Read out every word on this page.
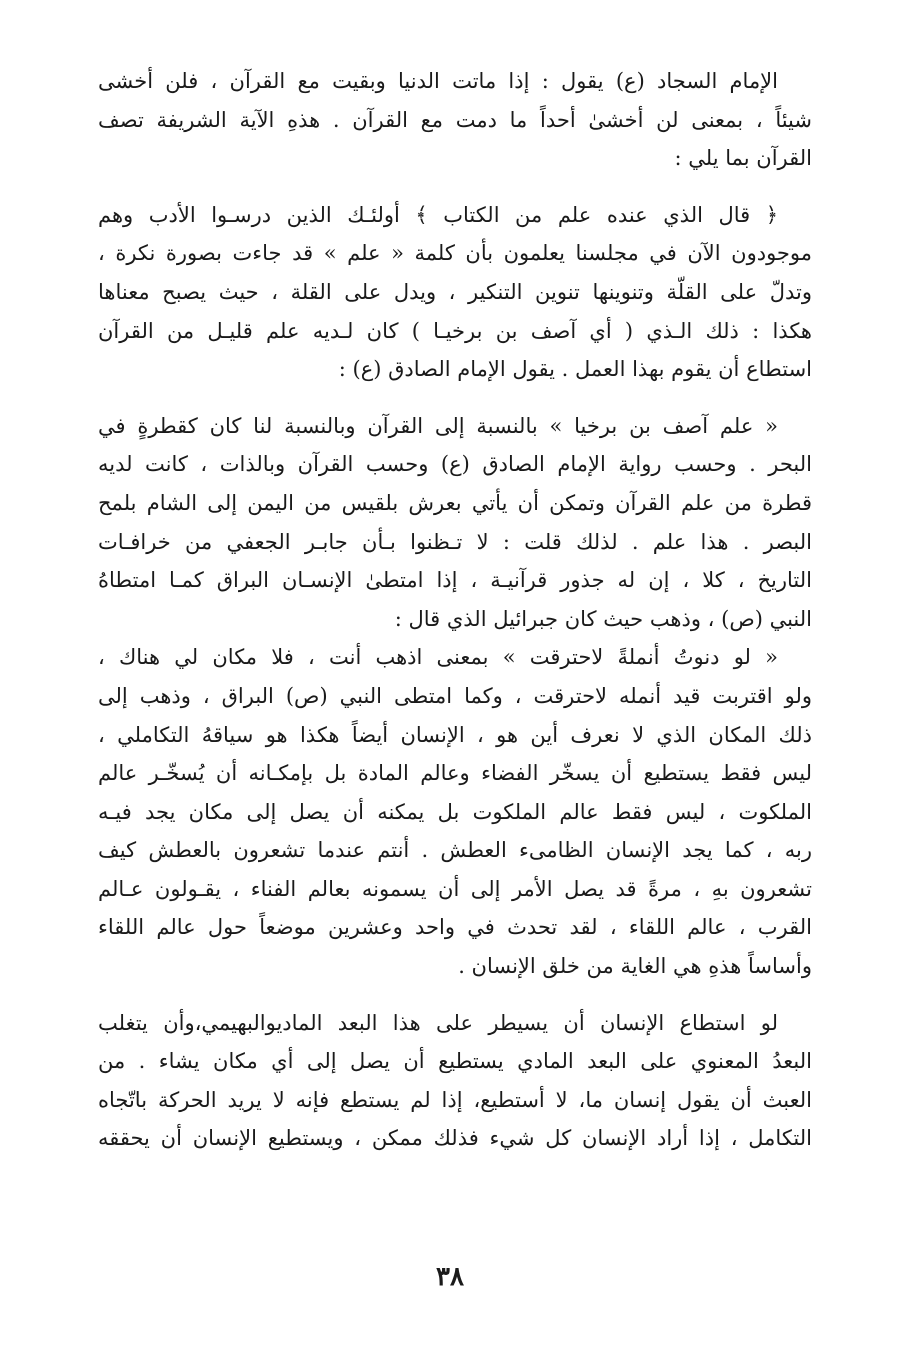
الإمام السجاد (ع) يقول : إذا ماتت الدنيا وبقيت مع القرآن ، فلن أخشى
شيئاً ، بمعنى لن أخشىٰ أحداً ما دمت مع القرآن . هذهِ الآية الشريفة تصف
القرآن بما يلي :
﴿ قال الذي عنده علم من الكتاب ﴾ أولئـك الذين درسـوا الأدب وهم
موجودون الآن في مجلسنا يعلمون بأن كلمة « علم » قد جاءت بصورة نكرة ،
وتدلّ على القلّة وتنوينها تنوين التنكير ، ويدل على القلة ، حيث يصبح معناها
هكذا : ذلك الـذي ( أي آصف بن برخيـا ) كان لـديه علم قليـل من القرآن
استطاع أن يقوم بهذا العمل . يقول الإمام الصادق (ع) :
« علم آصف بن برخيا » بالنسبة إلى القرآن وبالنسبة لنا كان كقطرةٍ في
البحر . وحسب رواية الإمام الصادق (ع) وحسب القرآن وبالذات ، كانت لديه
قطرة من علم القرآن وتمكن أن يأتي بعرش بلقيس من اليمن إلى الشام بلمح
البصر . هذا علم . لذلك قلت : لا تـظنوا بـأن جابـر الجعفي من خرافـات
التاريخ ، كلا ، إن له جذور قرآنيـة ، إذا امتطىٰ الإنسـان البراق كمـا امتطاهُ
النبي (ص) ، وذهب حيث كان جبرائيل الذي قال :
« لو دنوتُ أنملةً لاحترقت » بمعنى اذهب أنت ، فلا مكان لي هناك ،
ولو اقتربت قيد أنمله لاحترقت ، وكما امتطى النبي (ص) البراق ، وذهب إلى
ذلك المكان الذي لا نعرف أين هو ، الإنسان أيضاً هكذا هو سياقهُ التكاملي ،
ليس فقط يستطيع أن يسخّر الفضاء وعالم المادة بل بإمكـانه أن يُسخّـر عالم
الملكوت ، ليس فقط عالم الملكوت بل يمكنه أن يصل إلى مكان يجد فيـه
ربه ، كما يجد الإنسان الظامىء العطش . أنتم عندما تشعرون بالعطش كيف
تشعرون بهِ ، مرةً قد يصل الأمر إلى أن يسمونه بعالم الفناء ، يقـولون عـالم
القرب ، عالم اللقاء ، لقد تحدث في واحد وعشرين موضعاً حول عالم اللقاء
وأساساً هذهِ هي الغاية من خلق الإنسان .
لو استطاع الإنسان أن يسيطر على هذا البعد الماديوالبهيمي،وأن يتغلب
البعدُ المعنوي على البعد المادي يستطيع أن يصل إلى أي مكان يشاء . من
العبث أن يقول إنسان ما، لا أستطيع، إذا لم يستطع فإنه لا يريد الحركة باتّجاه
التكامل ، إذا أراد الإنسان كل شيء فذلك ممكن ، ويستطيع الإنسان أن يحققه
٣٨
